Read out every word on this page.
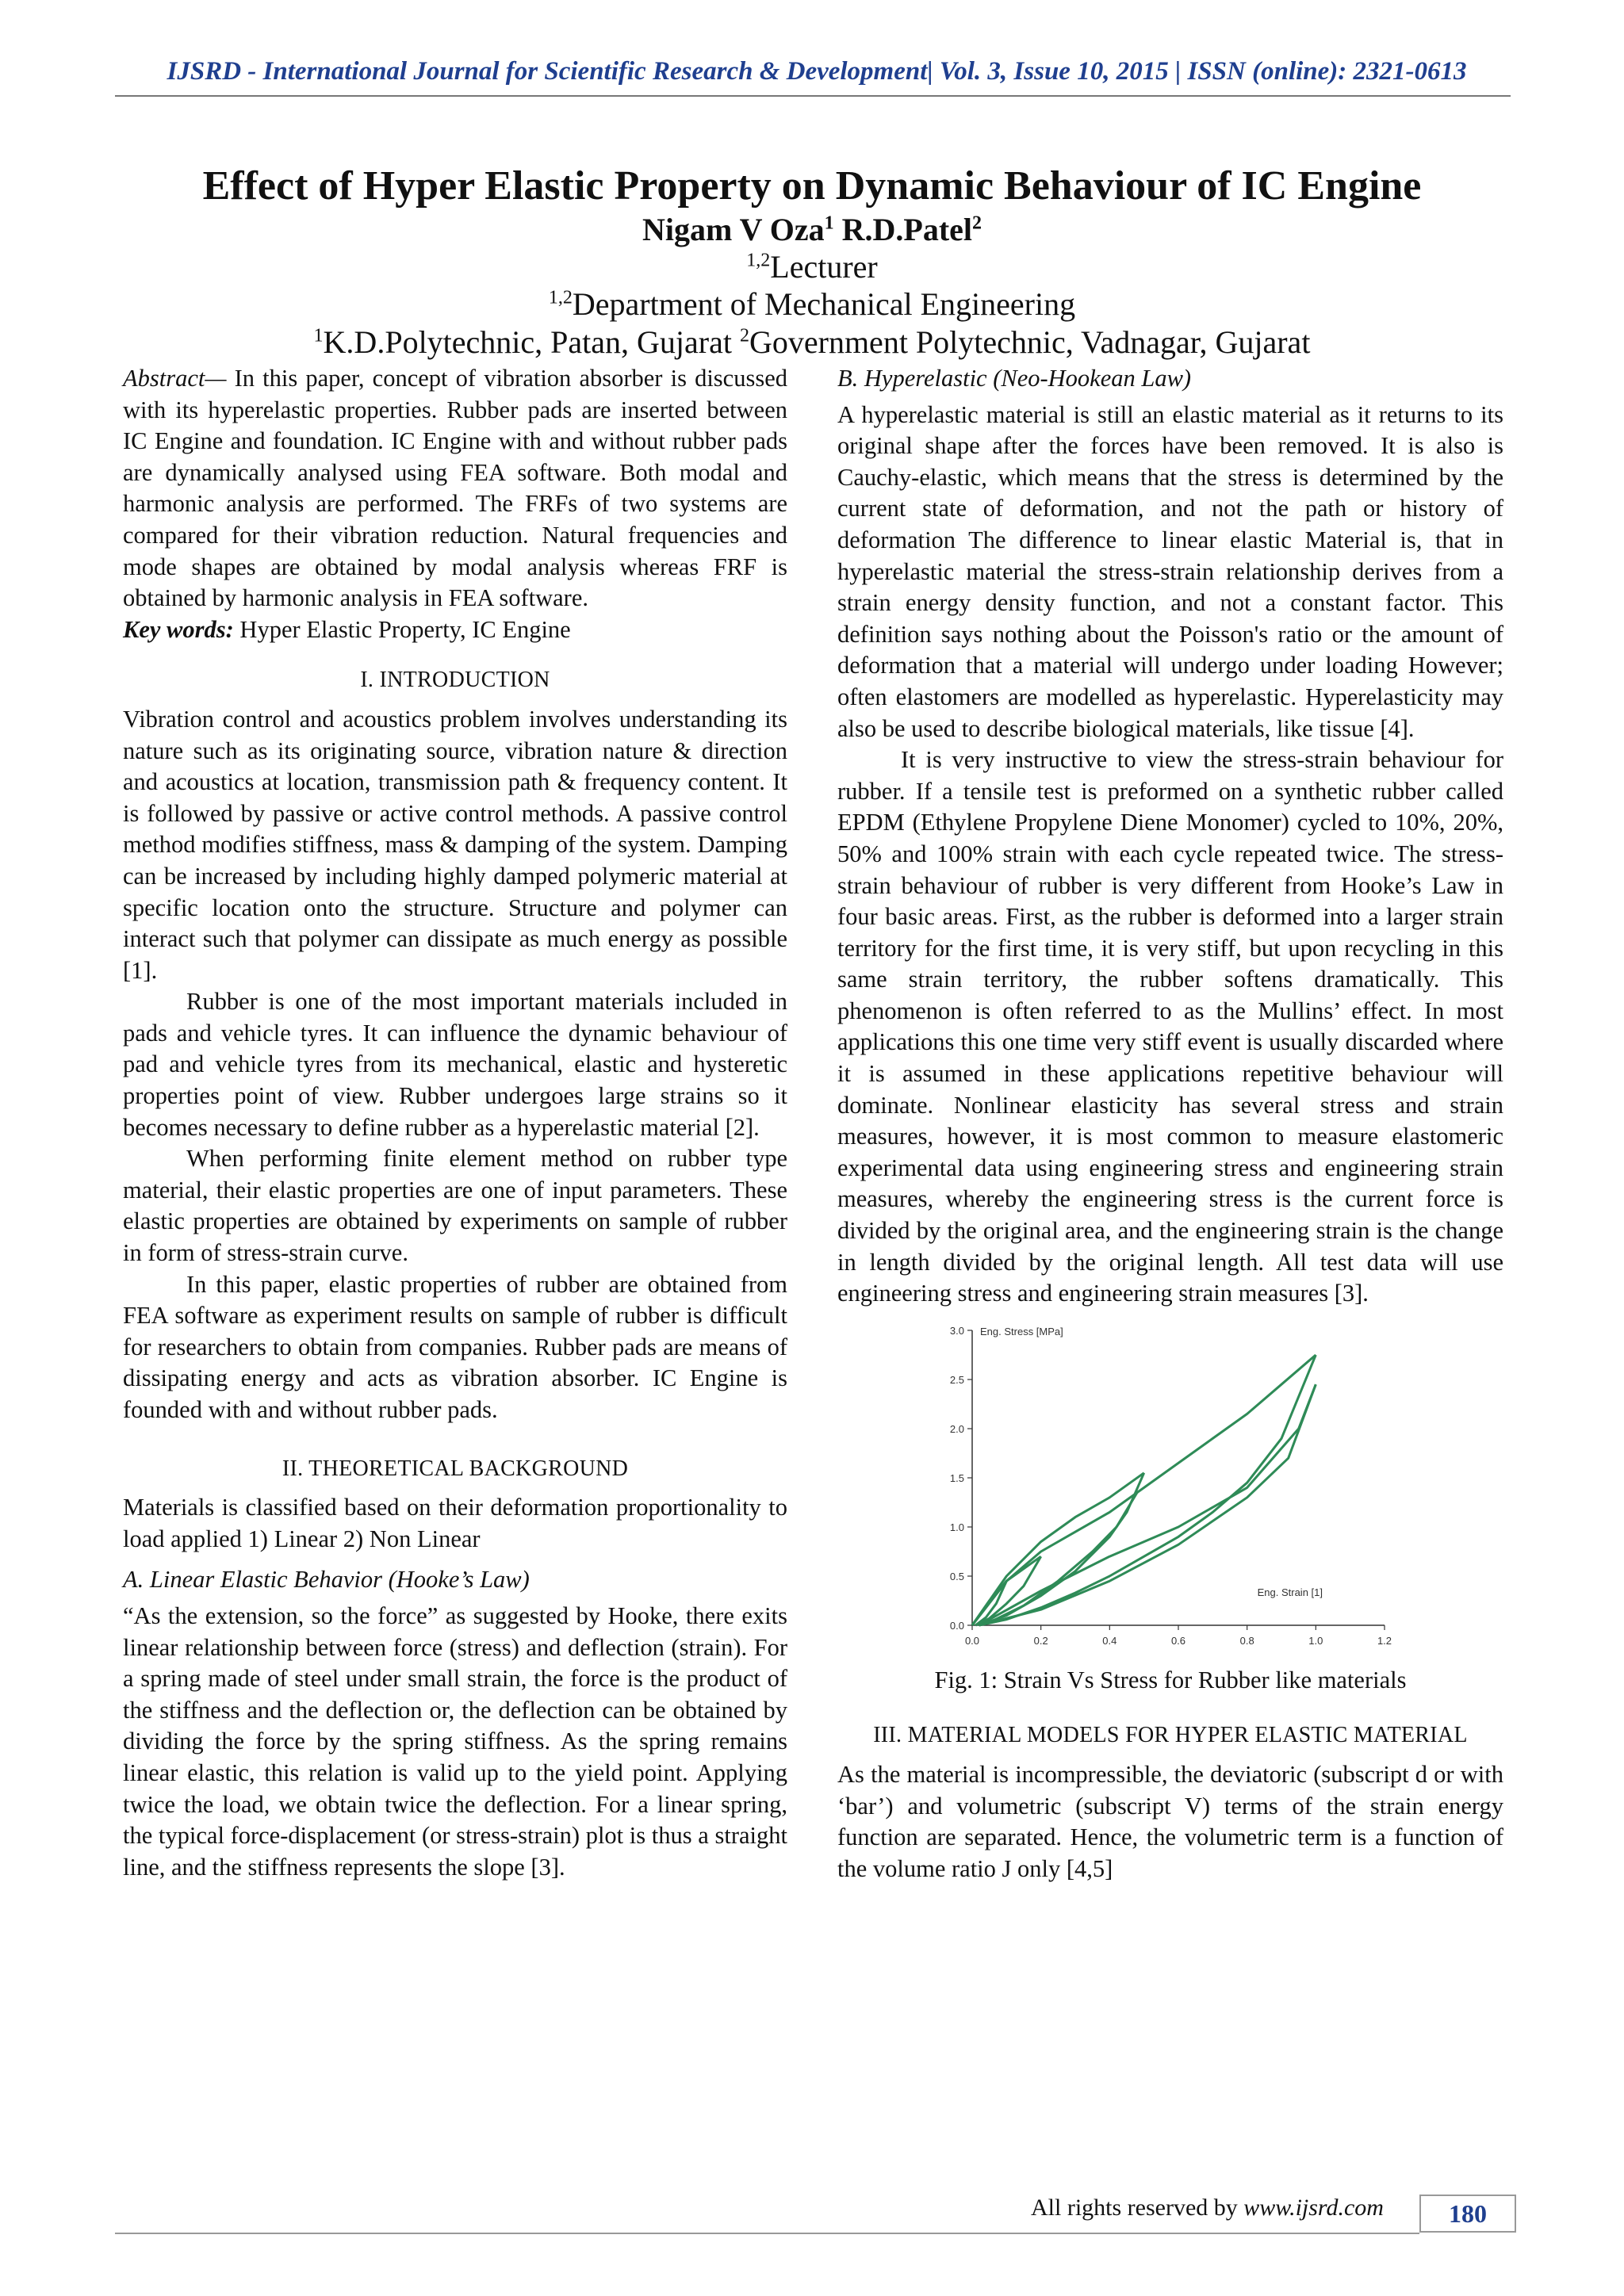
IJSRD - International Journal for Scientific Research & Development| Vol. 3, Issue 10, 2015 | ISSN (online): 2321-0613
Effect of Hyper Elastic Property on Dynamic Behaviour of IC Engine
Nigam V Oza$^1$ R.D.Patel$^2$
$^{1,2}$Lecturer
$^{1,2}$Department of Mechanical Engineering
$^1$K.D.Polytechnic, Patan, Gujarat $^2$Government Polytechnic, Vadnagar, Gujarat

Abstract— In this paper, concept of vibration absorber is discussed with its hyperelastic properties. Rubber pads are inserted between IC Engine and foundation. IC Engine with and without rubber pads are dynamically analysed using FEA software. Both modal and harmonic analysis are performed. The FRFs of two systems are compared for their vibration reduction. Natural frequencies and mode shapes are obtained by modal analysis whereas FRF is obtained by harmonic analysis in FEA software.

Key words: Hyper Elastic Property, IC Engine

I. INTRODUCTION

Vibration control and acoustics problem involves understanding its nature such as its originating source, vibration nature & direction and acoustics at location, transmission path & frequency content. It is followed by passive or active control methods. A passive control method modifies stiffness, mass & damping of the system. Damping can be increased by including highly damped polymeric material at specific location onto the structure. Structure and polymer can interact such that polymer can dissipate as much energy as possible [1].

Rubber is one of the most important materials included in pads and vehicle tyres. It can influence the dynamic behaviour of pad and vehicle tyres from its mechanical, elastic and hysteretic properties point of view. Rubber undergoes large strains so it becomes necessary to define rubber as a hyperelastic material [2].

When performing finite element method on rubber type material, their elastic properties are one of input parameters. These elastic properties are obtained by experiments on sample of rubber in form of stress-strain curve.

In this paper, elastic properties of rubber are obtained from FEA software as experiment results on sample of rubber is difficult for researchers to obtain from companies. Rubber pads are means of dissipating energy and acts as vibration absorber. IC Engine is founded with and without rubber pads.

II. THEORETICAL BACKGROUND

Materials is classified based on their deformation proportionality to load applied 1) Linear 2) Non Linear

A. Linear Elastic Behavior (Hooke’s Law)

“As the extension, so the force” as suggested by Hooke, there exits linear relationship between force (stress) and deflection (strain). For a spring made of steel under small strain, the force is the product of the stiffness and the deflection or, the deflection can be obtained by dividing the force by the spring stiffness. As the spring remains linear elastic, this relation is valid up to the yield point. Applying twice the load, we obtain twice the deflection. For a linear spring, the typical force-displacement (or stress-strain) plot is thus a straight line, and the stiffness represents the slope [3].

B. Hyperelastic (Neo-Hookean Law)

A hyperelastic material is still an elastic material as it returns to its original shape after the forces have been removed. It is also is Cauchy-elastic, which means that the stress is determined by the current state of deformation, and not the path or history of deformation The difference to linear elastic Material is, that in hyperelastic material the stress-strain relationship derives from a strain energy density function, and not a constant factor. This definition says nothing about the Poisson's ratio or the amount of deformation that a material will undergo under loading However; often elastomers are modelled as hyperelastic. Hyperelasticity may also be used to describe biological materials, like tissue [4].

It is very instructive to view the stress-strain behaviour for rubber. If a tensile test is preformed on a synthetic rubber called EPDM (Ethylene Propylene Diene Monomer) cycled to 10%, 20%, 50% and 100% strain with each cycle repeated twice. The stress-strain behaviour of rubber is very different from Hooke’s Law in four basic areas. First, as the rubber is deformed into a larger strain territory for the first time, it is very stiff, but upon recycling in this same strain territory, the rubber softens dramatically. This phenomenon is often referred to as the Mullins’ effect. In most applications this one time very stiff event is usually discarded where it is assumed in these applications repetitive behaviour will dominate. Nonlinear elasticity has several stress and strain measures, however, it is most common to measure elastomeric experimental data using engineering stress and engineering strain measures, whereby the engineering stress is the current force is divided by the original area, and the engineering strain is the change in length divided by the original length. All test data will use engineering stress and engineering strain measures [3].

0.0	0.2	0.4	0.6	0.8	1.0	1.2
0.0
0.5
1.0
1.5
2.0
2.5
3.0 Eng. Stress [MPa]
Eng. Strain [1]
Fig. 1: Strain Vs Stress for Rubber like materials
III. MATERIAL MODELS FOR HYPER ELASTIC MATERIAL

As the material is incompressible, the deviatoric (subscript d or with ‘bar’) and volumetric (subscript V) terms of the strain energy function are separated. Hence, the volumetric term is a function of the volume ratio J only [4,5]

All rights reserved by www.ijsrd.com	180
